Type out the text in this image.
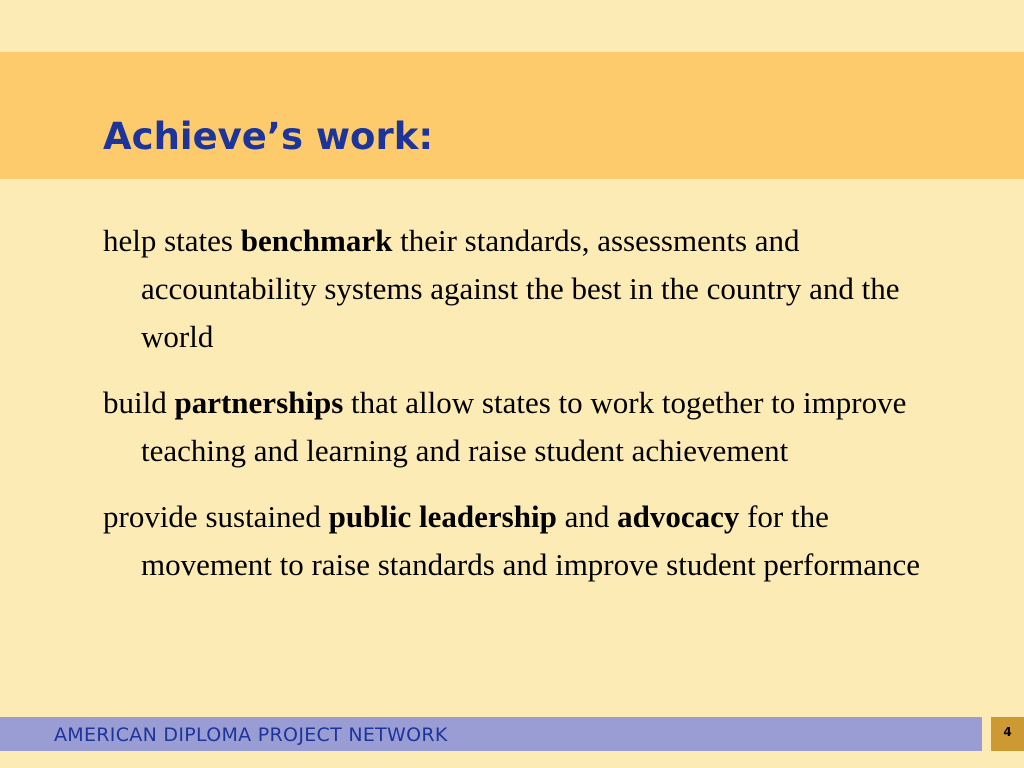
Achieve’s work:
help states benchmark their standards, assessments and accountability systems against the best in the country and the world
build partnerships that allow states to work together to improve teaching and learning and raise student achievement
provide sustained public leadership and advocacy for the movement to raise standards and improve student performance
AMERICAN DIPLOMA PROJECT NETWORK	4
